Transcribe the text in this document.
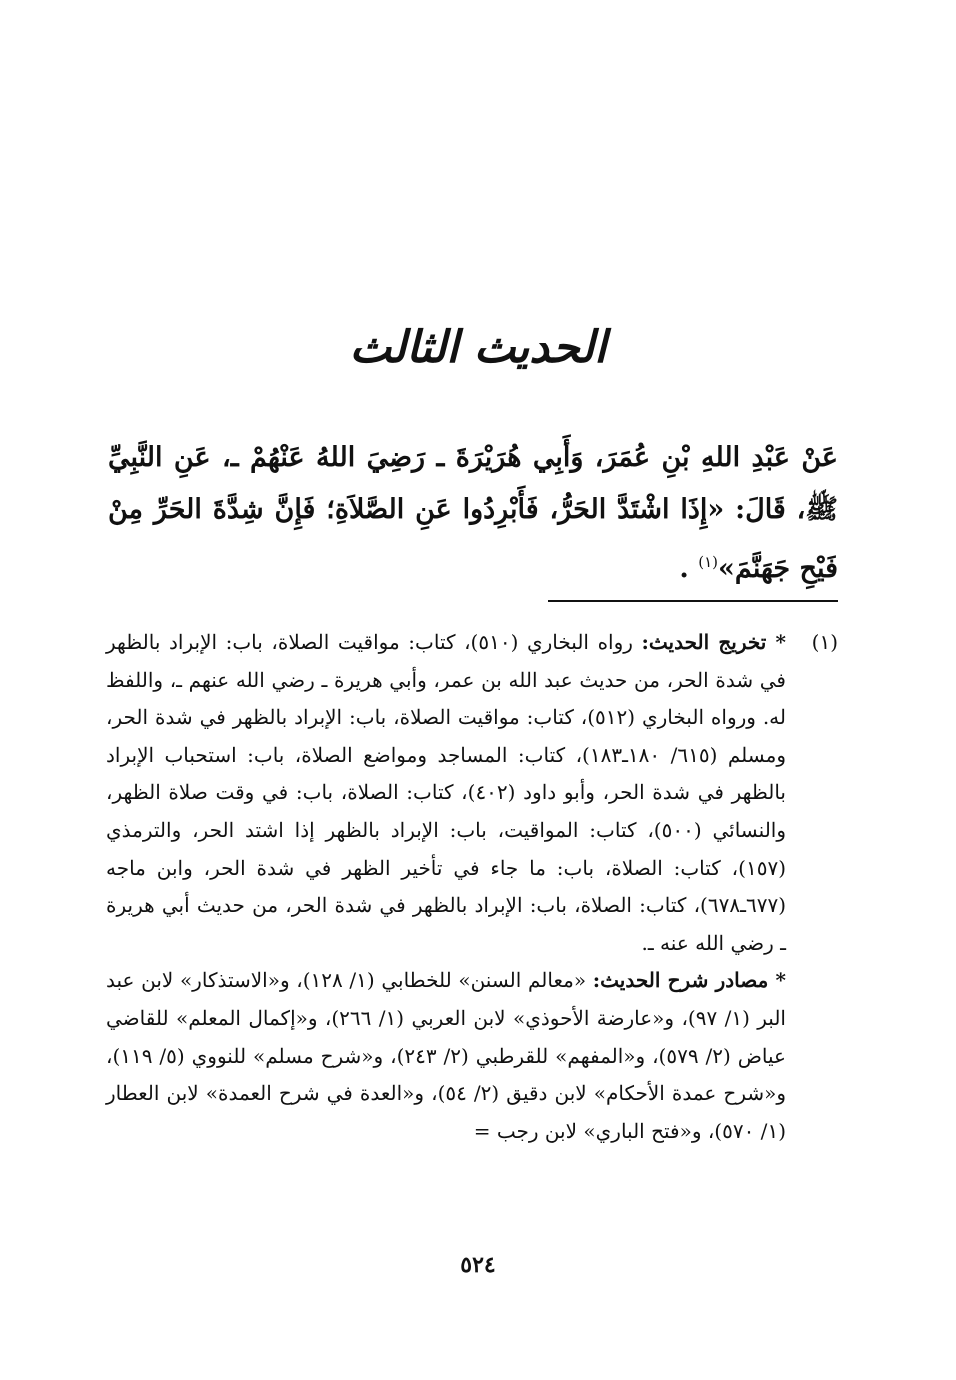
الحديث الثالث
عَنْ عَبْدِ اللهِ بْنِ عُمَرَ، وَأَبِي هُرَيْرَةَ ـ رَضِيَ اللهُ عَنْهُمْ ـ، عَنِ النَّبِيِّ ﷺ، قَالَ: «إِذَا اشْتَدَّ الحَرُّ، فَأَبْرِدُوا عَنِ الصَّلاَةِ؛ فَإِنَّ شِدَّةَ الحَرِّ مِنْ فَيْحِ جَهَنَّمَ»$^{(١)}$ .
(١)

* تخريج الحديث: رواه البخاري (٥١٠)، كتاب: مواقيت الصلاة، باب: الإبراد بالظهر في شدة الحر، من حديث عبد الله بن عمر، وأبي هريرة ـ رضي الله عنهم ـ، واللفظ له. ورواه البخاري (٥١٢)، كتاب: مواقيت الصلاة، باب: الإبراد بالظهر في شدة الحر، ومسلم (٦١٥/ ١٨٠ـ١٨٣)، كتاب: المساجد ومواضع الصلاة، باب: استحباب الإبراد بالظهر في شدة الحر، وأبو داود (٤٠٢)، كتاب: الصلاة، باب: في وقت صلاة الظهر، والنسائي (٥٠٠)، كتاب: المواقيت، باب: الإبراد بالظهر إذا اشتد الحر، والترمذي (١٥٧)، كتاب: الصلاة، باب: ما جاء في تأخير الظهر في شدة الحر، وابن ماجه (٦٧٧ـ٦٧٨)، كتاب: الصلاة، باب: الإبراد بالظهر في شدة الحر، من حديث أبي هريرة ـ رضي الله عنه ـ.

* مصادر شرح الحديث: «معالم السنن» للخطابي (١/ ١٢٨)، و«الاستذكار» لابن عبد البر (١/ ٩٧)، و«عارضة الأحوذي» لابن العربي (١/ ٢٦٦)، و«إكمال المعلم» للقاضي عياض (٢/ ٥٧٩)، و«المفهم» للقرطبي (٢/ ٢٤٣)، و«شرح مسلم» للنووي (٥/ ١١٩)، و«شرح عمدة الأحكام» لابن دقيق (٢/ ٥٤)، و«العدة في شرح العمدة» لابن العطار (١/ ٥٧٠)، و«فتح الباري» لابن رجب =

٥٢٤
